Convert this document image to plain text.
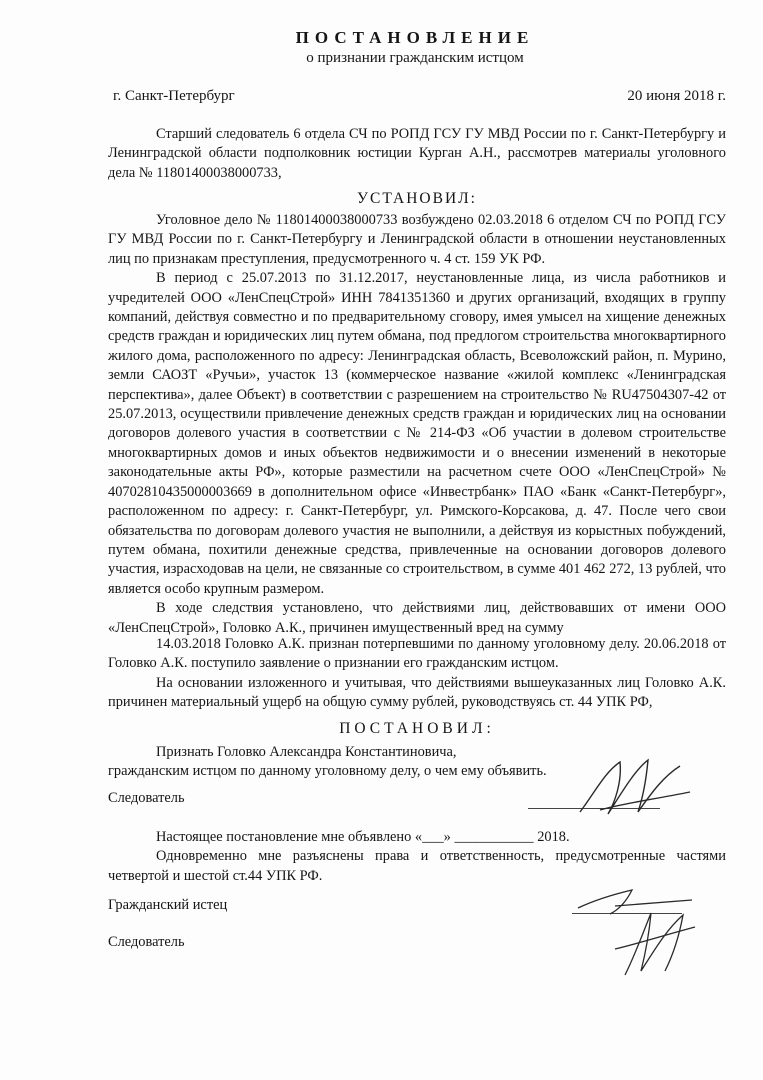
ПОСТАНОВЛЕНИЕ
о признании гражданским истцом
г. Санкт-Петербург	20 июня 2018 г.

Старший следователь 6 отдела СЧ по РОПД ГСУ ГУ МВД России по г. Санкт-Петербургу и Ленинградской области подполковник юстиции Курган А.Н., рассмотрев материалы уголовного дела № 11801400038000733,

УСТАНОВИЛ:

Уголовное дело № 11801400038000733 возбуждено 02.03.2018 6 отделом СЧ по РОПД ГСУ ГУ МВД России по г. Санкт-Петербургу и Ленинградской области в отношении неустановленных лиц по признакам преступления, предусмотренного ч. 4 ст. 159 УК РФ.

В период с 25.07.2013 по 31.12.2017, неустановленные лица, из числа работников и учредителей ООО «ЛенСпецСтрой» ИНН 7841351360 и других организаций, входящих в группу компаний, действуя совместно и по предварительному сговору, имея умысел на хищение денежных средств граждан и юридических лиц путем обмана, под предлогом строительства многоквартирного жилого дома, расположенного по адресу: Ленинградская область, Всеволожский район, п. Мурино, земли САОЗТ «Ручьи», участок 13 (коммерческое название «жилой комплекс «Ленинградская перспектива», далее Объект) в соответствии с разрешением на строительство № RU47504307-42 от 25.07.2013, осуществили привлечение денежных средств граждан и юридических лиц на основании договоров долевого участия в соответствии с № 214-ФЗ «Об участии в долевом строительстве многоквартирных домов и иных объектов недвижимости и о внесении изменений в некоторые законодательные акты РФ», которые разместили на расчетном счете ООО «ЛенСпецСтрой» № 40702810435000003669 в дополнительном офисе «Инвестрбанк» ПАО «Банк «Санкт-Петербург», расположенном по адресу: г. Санкт-Петербург, ул. Римского-Корсакова, д. 47. После чего свои обязательства по договорам долевого участия не выполнили, а действуя из корыстных побуждений, путем обмана, похитили денежные средства, привлеченные на основании договоров долевого участия, израсходовав на цели, не связанные со строительством, в сумме 401 462 272, 13 рублей, что является особо крупным размером.

В ходе следствия установлено, что действиями лиц, действовавших от имени ООО «ЛенСпецСтрой», Головко А.К., причинен имущественный вред на сумму

14.03.2018 Головко А.К. признан потерпевшими по данному уголовному делу. 20.06.2018 от Головко А.К. поступило заявление о признании его гражданским истцом.

На основании изложенного и учитывая, что действиями вышеуказанных лиц Головко А.К. причинен материальный ущерб на общую сумму рублей, руководствуясь ст. 44 УПК РФ,

ПОСТАНОВИЛ:

Признать Головко Александра Константиновича,

гражданским истцом по данному уголовному делу, о чем ему объявить.

Следователь

Настоящее постановление мне объявлено «___» ___________ 2018.

Одновременно мне разъяснены права и ответственность, предусмотренные частями четвертой и шестой ст.44 УПК РФ.

Гражданский истец
Следователь
